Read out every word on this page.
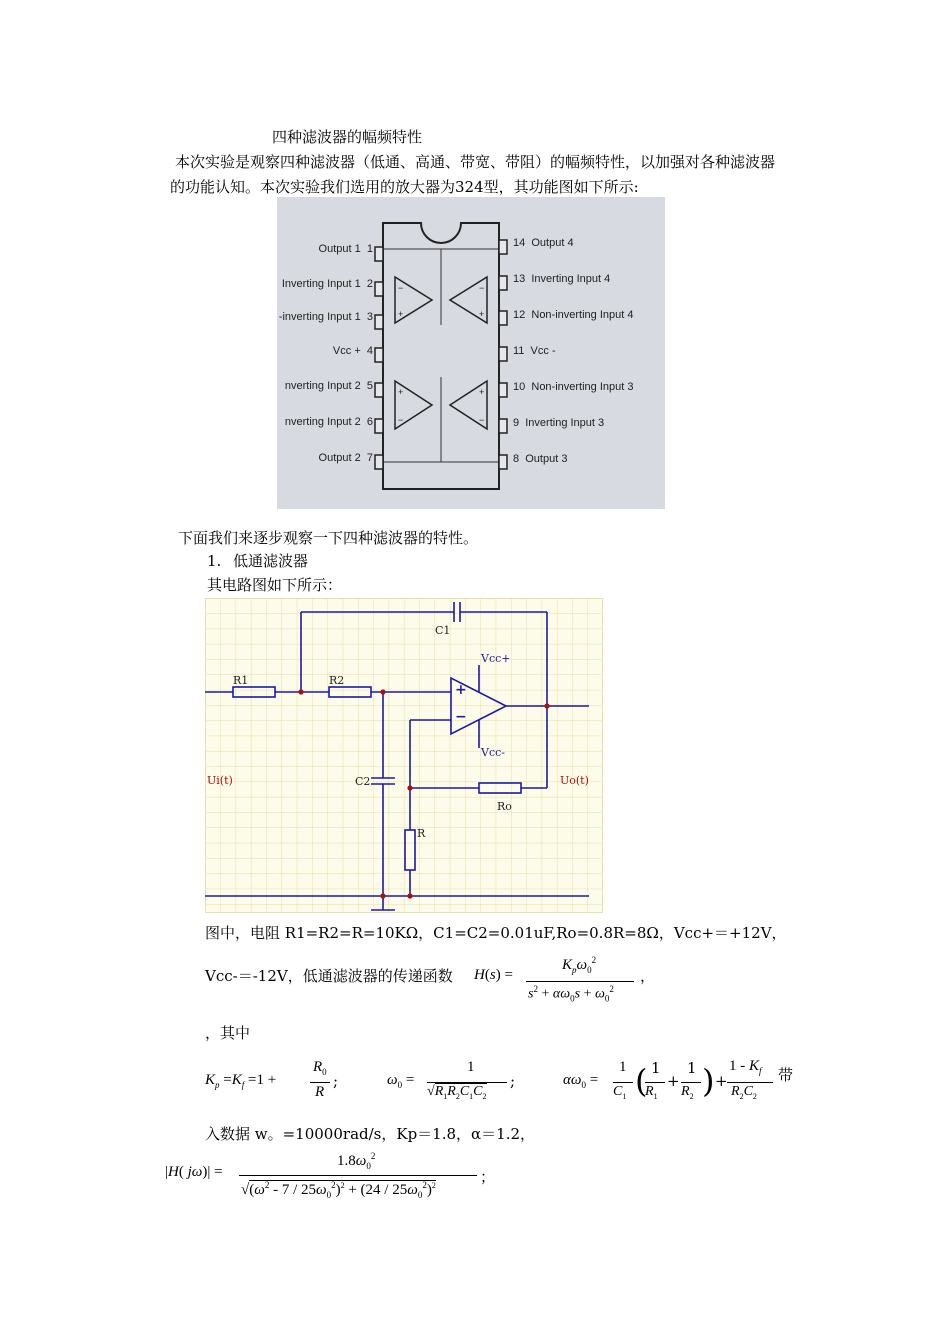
四种滤波器的幅频特性
本次实验是观察四种滤波器（低通、高通、带宽、带阻）的幅频特性，以加强对各种滤波器
的功能认知。本次实验我们选用的放大器为324型，其功能图如下所示:
−
+
−
+
+
−
+
−
Output 1 1
Inverting Input 1 2
-inverting Input 1 3
Vcc + 4
nverting Input 2 5
nverting Input 2 6
Output 2 7
14 Output 4
13 Inverting Input 4
12 Non-inverting Input 4
11 Vcc -
10 Non-inverting Input 3
9 Inverting Input 3
8 Output 3
下面我们来逐步观察一下四种滤波器的特性。
1. 低通滤波器
其电路图如下所示：
C1
R1	R2
Vcc+
Vcc-
+
−
Ui(t)	Uo(t)
C2
Ro
R
图中，电阻 R1=R2=R=10KΩ，C1=C2=0.01uF,Ro=0.8R=8Ω，Vcc+＝+12V，
Vcc-＝-12V，低通滤波器的传递函数 H(s) =
$K_p\omega_0^2$
$s^2 + \alpha\omega_0s + \omega_0^2$
，
，其中
$K_p =K_f =1$ +
$R_0$
R
;	$\omega_0$ =
1
$√R_1R_2C_1C_2$
;	$\alpha\omega_0$ =
1
$C_1$ ( 1
$R_1$
+
1
$R_2$ ) +
$1 - K_f$
$R_2C_2$
带
入数据 w。=10000rad/s，Kp＝1.8，α＝1.2，
|H( jω)| =
$1.8\omega_0^2$
$√(\omega^2 - 7 / 25\omega_0^2)^2 + (24 / 25\omega_0^2)^2$	；
